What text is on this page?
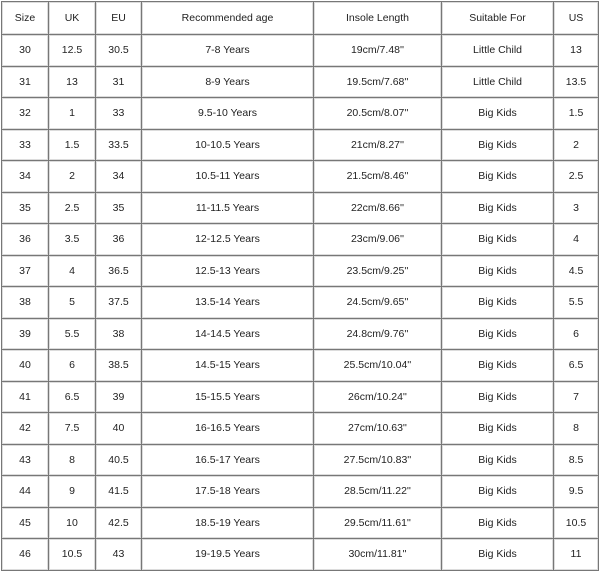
Size	UK	EU	Recommended age	Insole Length	Suitable For	US
30	12.5	30.5	7-8 Years	19cm/7.48''	Little Child	13
31	13	31	8-9 Years	19.5cm/7.68''	Little Child	13.5
32	1	33	9.5-10 Years	20.5cm/8.07''	Big Kids	1.5
33	1.5	33.5	10-10.5 Years	21cm/8.27''	Big Kids	2
34	2	34	10.5-11 Years	21.5cm/8.46''	Big Kids	2.5
35	2.5	35	11-11.5 Years	22cm/8.66''	Big Kids	3
36	3.5	36	12-12.5 Years	23cm/9.06''	Big Kids	4
37	4	36.5	12.5-13 Years	23.5cm/9.25''	Big Kids	4.5
38	5	37.5	13.5-14 Years	24.5cm/9.65''	Big Kids	5.5
39	5.5	38	14-14.5 Years	24.8cm/9.76''	Big Kids	6
40	6	38.5	14.5-15 Years	25.5cm/10.04''	Big Kids	6.5
41	6.5	39	15-15.5 Years	26cm/10.24''	Big Kids	7
42	7.5	40	16-16.5 Years	27cm/10.63''	Big Kids	8
43	8	40.5	16.5-17 Years	27.5cm/10.83''	Big Kids	8.5
44	9	41.5	17.5-18 Years	28.5cm/11.22''	Big Kids	9.5
45	10	42.5	18.5-19 Years	29.5cm/11.61''	Big Kids	10.5
46	10.5	43	19-19.5 Years	30cm/11.81''	Big Kids	11
